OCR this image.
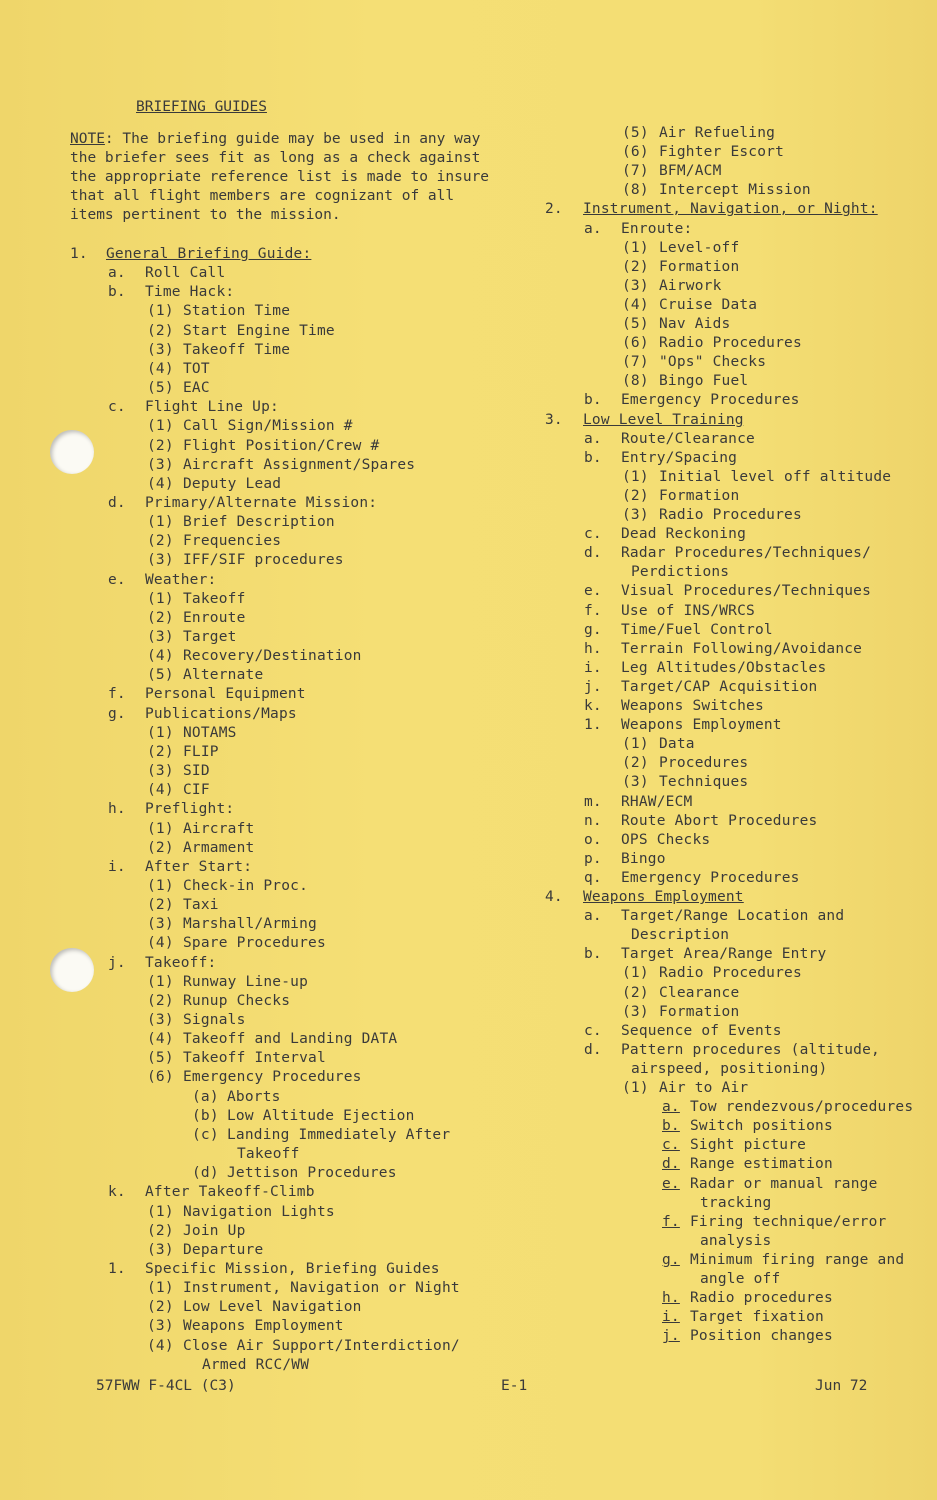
BRIEFING GUIDES
NOTE: The briefing guide may be used in any way
the briefer sees fit as long as a check against
the appropriate reference list is made to insure
that all flight members are cognizant of all
items pertinent to the mission.
1. General Briefing Guide:
a. Roll Call
b. Time Hack:
(1) Station Time
(2) Start Engine Time
(3) Takeoff Time
(4) TOT
(5) EAC
c. Flight Line Up:
(1) Call Sign/Mission #
(2) Flight Position/Crew #
(3) Aircraft Assignment/Spares
(4) Deputy Lead
d. Primary/Alternate Mission:
(1) Brief Description
(2) Frequencies
(3) IFF/SIF procedures
e. Weather:
(1) Takeoff
(2) Enroute
(3) Target
(4) Recovery/Destination
(5) Alternate
f. Personal Equipment
g. Publications/Maps
(1) NOTAMS
(2) FLIP
(3) SID
(4) CIF
h. Preflight:
(1) Aircraft
(2) Armament
i. After Start:
(1) Check-in Proc.
(2) Taxi
(3) Marshall/Arming
(4) Spare Procedures
j. Takeoff:
(1) Runway Line-up
(2) Runup Checks
(3) Signals
(4) Takeoff and Landing DATA
(5) Takeoff Interval
(6) Emergency Procedures
(a) Aborts
(b) Low Altitude Ejection
(c) Landing Immediately After
Takeoff
(d) Jettison Procedures
k. After Takeoff-Climb
(1) Navigation Lights
(2) Join Up
(3) Departure
1. Specific Mission, Briefing Guides
(1) Instrument, Navigation or Night
(2) Low Level Navigation
(3) Weapons Employment
(4) Close Air Support/Interdiction/
Armed RCC/WW
(5) Air Refueling
(6) Fighter Escort
(7) BFM/ACM
(8) Intercept Mission
2. Instrument, Navigation, or Night:
a. Enroute:
(1) Level-off
(2) Formation
(3) Airwork
(4) Cruise Data
(5) Nav Aids
(6) Radio Procedures
(7) "Ops" Checks
(8) Bingo Fuel
b. Emergency Procedures
3. Low Level Training
a. Route/Clearance
b. Entry/Spacing
(1) Initial level off altitude
(2) Formation
(3) Radio Procedures
c. Dead Reckoning
d. Radar Procedures/Techniques/
Perdictions
e. Visual Procedures/Techniques
f. Use of INS/WRCS
g. Time/Fuel Control
h. Terrain Following/Avoidance
i. Leg Altitudes/Obstacles
j. Target/CAP Acquisition
k. Weapons Switches
1. Weapons Employment
(1) Data
(2) Procedures
(3) Techniques
m. RHAW/ECM
n. Route Abort Procedures
o. OPS Checks
p. Bingo
q. Emergency Procedures
4. Weapons Employment
a. Target/Range Location and
Description
b. Target Area/Range Entry
(1) Radio Procedures
(2) Clearance
(3) Formation
c. Sequence of Events
d. Pattern procedures (altitude,
airspeed, positioning)
(1) Air to Air
a. Tow rendezvous/procedures
b. Switch positions
c. Sight picture
d. Range estimation
e. Radar or manual range
tracking
f. Firing technique/error
analysis
g. Minimum firing range and
angle off
h. Radio procedures
i. Target fixation
j. Position changes
57FWW F-4CL (C3)	E-1	Jun 72
